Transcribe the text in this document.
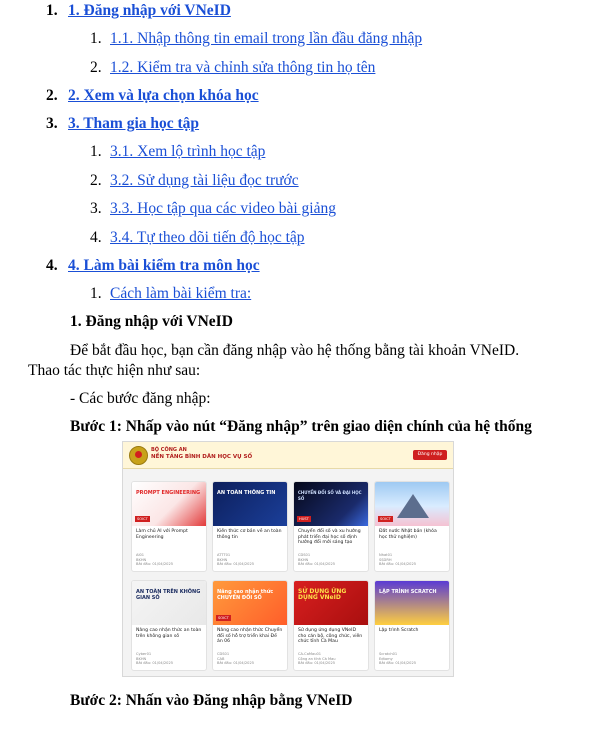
1. 1. Đăng nhập với VNeID
1. 1.1. Nhập thông tin email trong lần đầu đăng nhập
2. 1.2. Kiểm tra và chỉnh sửa thông tin họ tên
2. 2. Xem và lựa chọn khóa học
3. 3. Tham gia học tập
1. 3.1. Xem lộ trình học tập
2. 3.2. Sử dụng tài liệu đọc trước
3. 3.3. Học tập qua các video bài giảng
4. 3.4. Tự theo dõi tiến độ học tập
4. 4. Làm bài kiểm tra môn học
1. Cách làm bài kiểm tra:
1. Đăng nhập với VNeID
Để bắt đầu học, bạn cần đăng nhập vào hệ thống bằng tài khoản VNeID.
Thao tác thực hiện như sau:
- Các bước đăng nhập:
Bước 1: Nhấp vào nút “Đăng nhập” trên giao diện chính của hệ thống
BỘ CÔNG AN
NỀN TẢNG BÌNH DÂN HỌC VỤ SỐ	Đăng nhập
PROMPT ENGINEERING
SOICT
Làm chủ AI với Prompt Engineering
AI01
BKHN
Bắt đầu: 01/04/2025
AN TOÀN THÔNG TIN
Kiến thức cơ bản về an toàn thông tin
ATTT01
BKHN
Bắt đầu: 01/04/2025
CHUYỂN ĐỔI SỐ VÀ ĐẠI HỌC SỐ
HUST
Chuyển đổi số và xu hướng phát triển đại học số định hướng đổi mới sáng tạo
CDS01
BKHN
Bắt đầu: 01/04/2025
SOICT
Đất nước Nhật bản (khóa học thử nghiệm)
Nhat01
SSDRH
Bắt đầu: 01/04/2025
AN TOÀN TRÊN KHÔNG GIAN SỐ
Nâng cao nhận thức an toàn trên không gian số
Cyber01
BKHN
Bắt đầu: 01/04/2025
Nâng cao nhận thức CHUYỂN ĐỔI SỐ
SOICT
Nâng cao nhận thức Chuyển đổi số hỗ trợ triển khai Đề án 06
CDS01
CAB
Bắt đầu: 01/04/2025
SỬ DỤNG ỨNG DỤNG VNeID
Sử dụng ứng dụng VNeID cho cán bộ, công chức, viên chức tỉnh Cà Mau
CA-CaMau01
Công an tỉnh Cà Mau
Bắt đầu: 01/04/2025
LẬP TRÌNH SCRATCH
Lập trình Scratch
Scratch01
Edtomy
Bắt đầu: 01/04/2025
Bước 2: Nhấn vào Đăng nhập bằng VNeID
